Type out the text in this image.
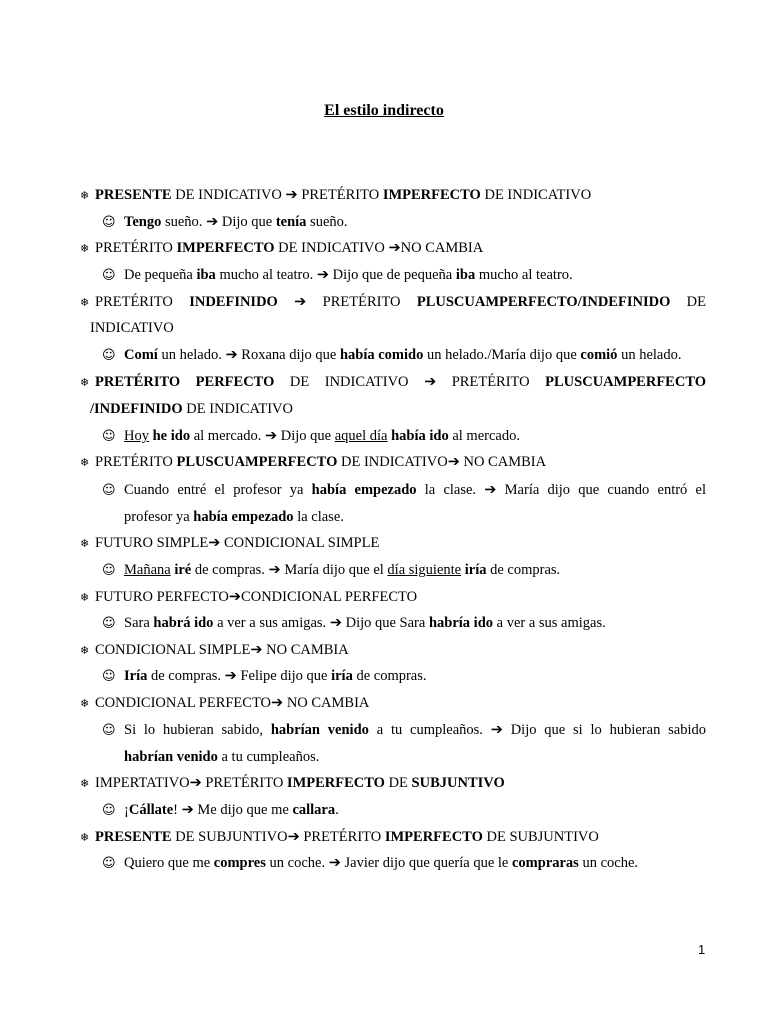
El estilo indirecto
❄ PRESENTE DE INDICATIVO ➔ PRETÉRITO IMPERFECTO DE INDICATIVO
☺ Tengo sueño. ➔ Dijo que tenía sueño.
❄ PRETÉRITO IMPERFECTO DE INDICATIVO ➔NO CAMBIA
☺ De pequeña iba mucho al teatro. ➔ Dijo que de pequeña iba mucho al teatro.
❄ PRETÉRITO INDEFINIDO ➔ PRETÉRITO PLUSCUAMPERFECTO/INDEFINIDO DE
INDICATIVO
☺ Comí un helado. ➔ Roxana dijo que había comido un helado./María dijo que comió un helado.
❄ PRETÉRITO PERFECTO DE INDICATIVO ➔ PRETÉRITO PLUSCUAMPERFECTO
/INDEFINIDO DE INDICATIVO
☺ Hoy he ido al mercado. ➔ Dijo que aquel día había ido al mercado.
❄ PRETÉRITO PLUSCUAMPERFECTO DE INDICATIVO➔ NO CAMBIA
☺ Cuando entré el profesor ya había empezado la clase. ➔ María dijo que cuando entró el
profesor ya había empezado la clase.
❄ FUTURO SIMPLE➔ CONDICIONAL SIMPLE
☺ Mañana iré de compras. ➔ María dijo que el día siguiente iría de compras.
❄ FUTURO PERFECTO➔CONDICIONAL PERFECTO
☺ Sara habrá ido a ver a sus amigas. ➔ Dijo que Sara habría ido a ver a sus amigas.
❄ CONDICIONAL SIMPLE➔ NO CAMBIA
☺ Iría de compras. ➔ Felipe dijo que iría de compras.
❄ CONDICIONAL PERFECTO➔ NO CAMBIA
☺ Si lo hubieran sabido, habrían venido a tu cumpleaños. ➔ Dijo que si lo hubieran sabido
habrían venido a tu cumpleaños.
❄ IMPERTATIVO➔ PRETÉRITO IMPERFECTO DE SUBJUNTIVO
☺ ¡Cállate! ➔ Me dijo que me callara.
❄ PRESENTE DE SUBJUNTIVO➔ PRETÉRITO IMPERFECTO DE SUBJUNTIVO
☺ Quiero que me compres un coche. ➔ Javier dijo que quería que le compraras un coche.
1
